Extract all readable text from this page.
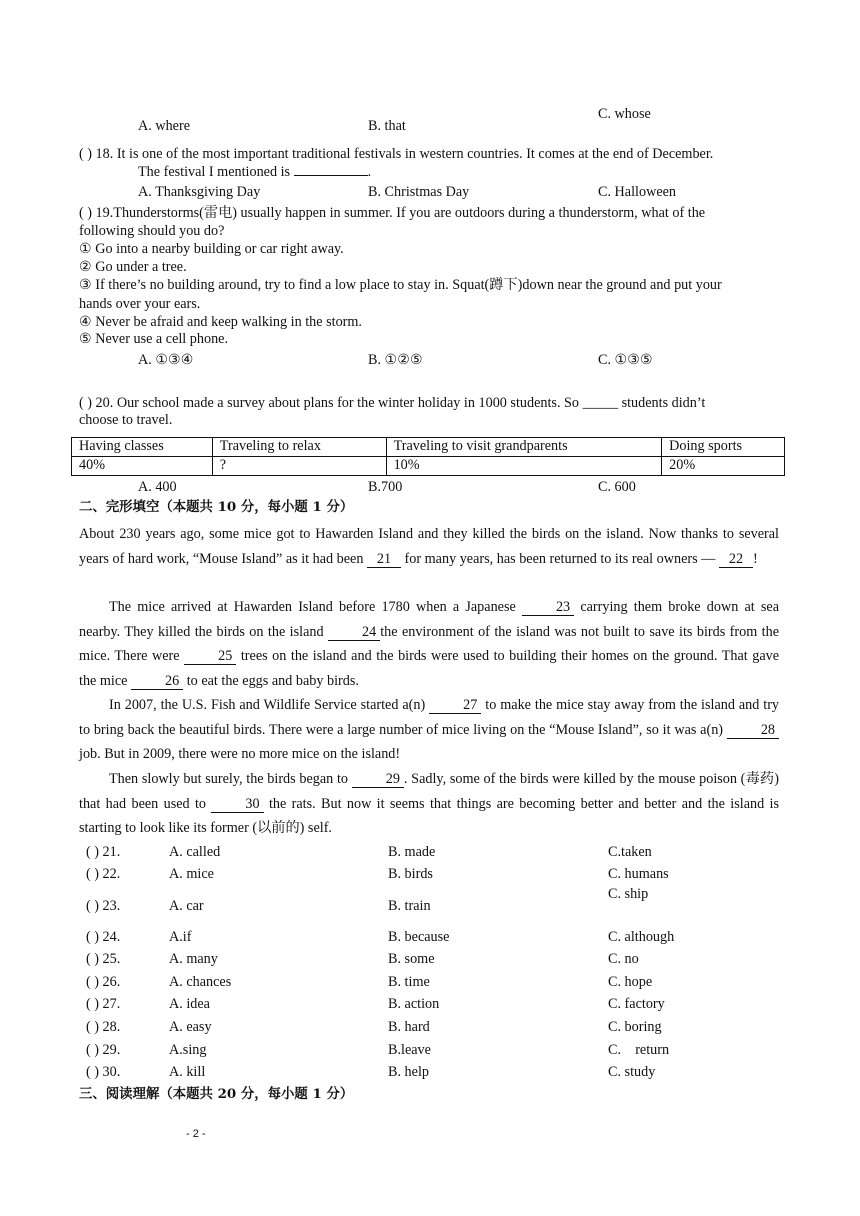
C. whose
A. where	B. that
( ) 18. It is one of the most important traditional festivals in western countries. It comes at the end of December.
The festival I mentioned is	.
A. Thanksgiving Day	B. Christmas Day	C. Halloween
( ) 19.Thunderstorms(雷电) usually happen in summer. If you are outdoors during a thunderstorm, what of the
following should you do?
① Go into a nearby building or car right away.
② Go under a tree.
③ If there’s no building around, try to find a low place to stay in. Squat(蹲下)down near the ground and put your
hands over your ears.
④ Never be afraid and keep walking in the storm.
⑤ Never use a cell phone.
A. ①③④	B. ①②⑤	C. ①③⑤
( ) 20. Our school made a survey about plans for the winter holiday in 1000 students. So _____ students didn’t
choose to travel.
Having classes	Traveling to relax	Traveling to visit grandparents	Doing sports
40%	?	10%	20%
A. 400	B.700	C. 600
二、完形填空（本题共 10 分，每小题 1 分）
About 230 years ago, some mice got to Hawarden Island and they killed the birds on the island. Now thanks to several years of hard work, “Mouse Island” as it had been 21 for many years, has been returned to its real owners — 22 !
The mice arrived at Hawarden Island before 1780 when a Japanese	23 carrying them broke down at sea nearby. They killed the birds on the island	24 the environment of the island was not built to save its birds from the mice. There were	25 trees on the island and the birds were used to building their homes on the ground. That gave the mice	26 to eat the eggs and baby birds.
In 2007, the U.S. Fish and Wildlife Service started a(n)	27 to make the mice stay away from the island and try to bring back the beautiful birds. There were a large number of mice living on the “Mouse Island”, so it was a(n)	28 job. But in 2009, there were no more mice on the island!
Then slowly but surely, the birds began to	29 . Sadly, some of the birds were killed by the mouse poison (毒药) that had been used to	30 the rats. But now it seems that things are becoming better and better and the island is starting to look like its former (以前的) self.
( ) 21.	A. called	B. made	C.taken
( ) 22.	A. mice	B. birds	C. humans
( ) 23.	A. car	B. train
C. ship
( ) 24.	A.if	B. because	C. although
( ) 25.	A. many	B. some	C. no
( ) 26.	A. chances	B. time	C. hope
( ) 27.	A. idea	B. action	C. factory
( ) 28.	A. easy	B. hard	C. boring
( ) 29.	A.sing	B.leave	C.    return
( ) 30.	A. kill	B. help	C. study
三、阅读理解（本题共 20 分，每小题 1 分）
- 2 -
